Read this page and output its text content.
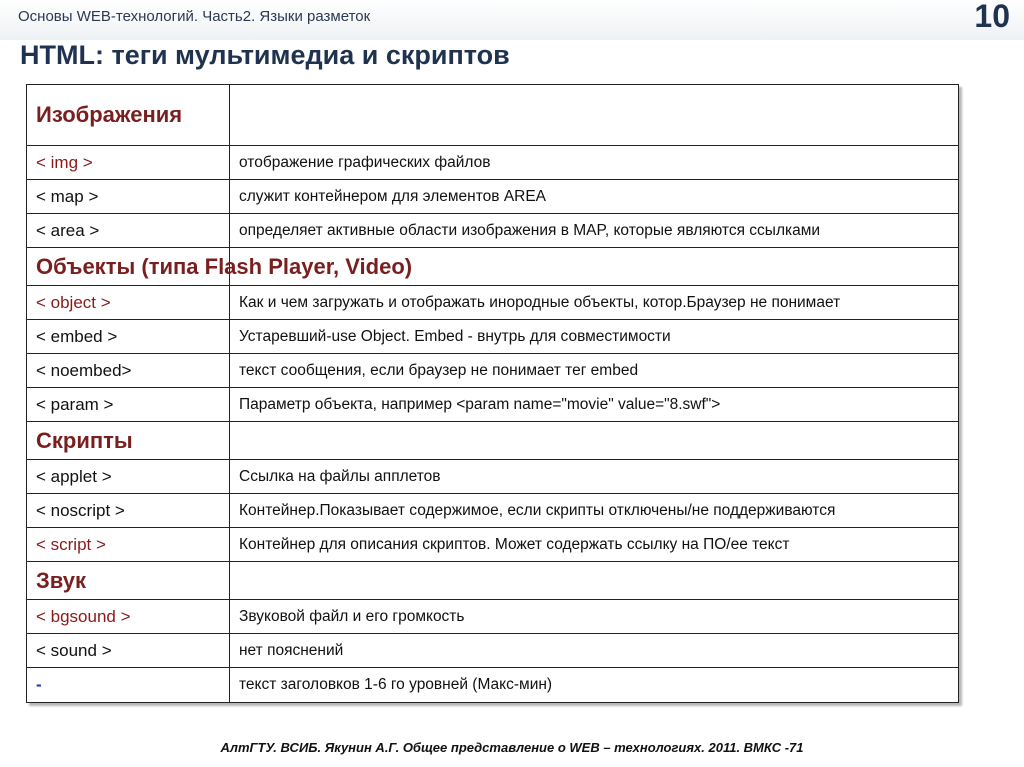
Основы WEB-технологий. Часть2. Языки разметок	10
HTML: теги мультимедиа и скриптов
Изображения	
< img >	отображение графических файлов
< map >	служит контейнером для элементов AREA
< area >	определяет активные области изображения в MAP, которые являются ссылками
Объекты (типа Flash Player, Video)	
< object >	Как и чем загружать и отображать инородные объекты, котор.Браузер не понимает
< embed >	Устаревший-use Object. Embed - внутрь для совместимости
< noembed>	текст сообщения, если браузер не понимает тег embed
< param >	Параметр объекта, например <param name="movie" value="8.swf">
Скрипты	
< applet >	Ссылка на файлы апплетов
< noscript >	Контейнер.Показывает содержимое, если скрипты отключены/не поддерживаются
< script >	Контейнер для описания скриптов. Может содержать ссылку на ПО/ее текст
Звук	
< bgsound >	Звуковой файл и его громкость
< sound >	нет пояснений
-	текст заголовков 1-6 го уровней (Макс-мин)
АлтГТУ. ВСИБ. Якунин А.Г. Общее представление о WEB – технологиях. 2011. ВМКС -71
